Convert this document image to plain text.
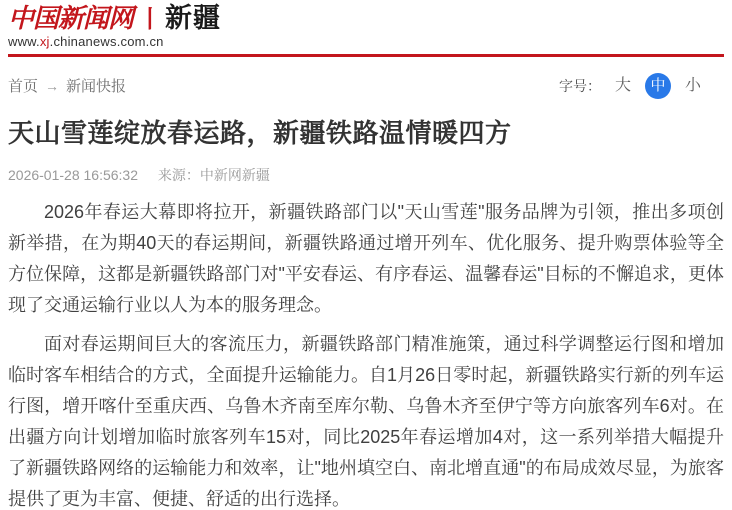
中国新闻网 丨 新疆
www.xj.chinanews.com.cn
首页 → 新闻快报	字号： 大	中	小
天山雪莲绽放春运路，新疆铁路温情暖四方
2026-01-28 16:56:32 来源：中新网新疆

2026年春运大幕即将拉开，新疆铁路部门以"天山雪莲"服务品牌为引领，推出多项创新举措，在为期40天的春运期间，新疆铁路通过增开列车、优化服务、提升购票体验等全方位保障，这都是新疆铁路部门对"平安春运、有序春运、温馨春运"目标的不懈追求，更体现了交通运输行业以人为本的服务理念。

面对春运期间巨大的客流压力，新疆铁路部门精准施策，通过科学调整运行图和增加临时客车相结合的方式，全面提升运输能力。自1月26日零时起，新疆铁路实行新的列车运行图，增开喀什至重庆西、乌鲁木齐南至库尔勒、乌鲁木齐至伊宁等方向旅客列车6对。在出疆方向计划增加临时旅客列车15对，同比2025年春运增加4对，这一系列举措大幅提升了新疆铁路网络的运输能力和效率，让"地州填空白、南北增直通"的布局成效尽显，为旅客提供了更为丰富、便捷、舒适的出行选择。
